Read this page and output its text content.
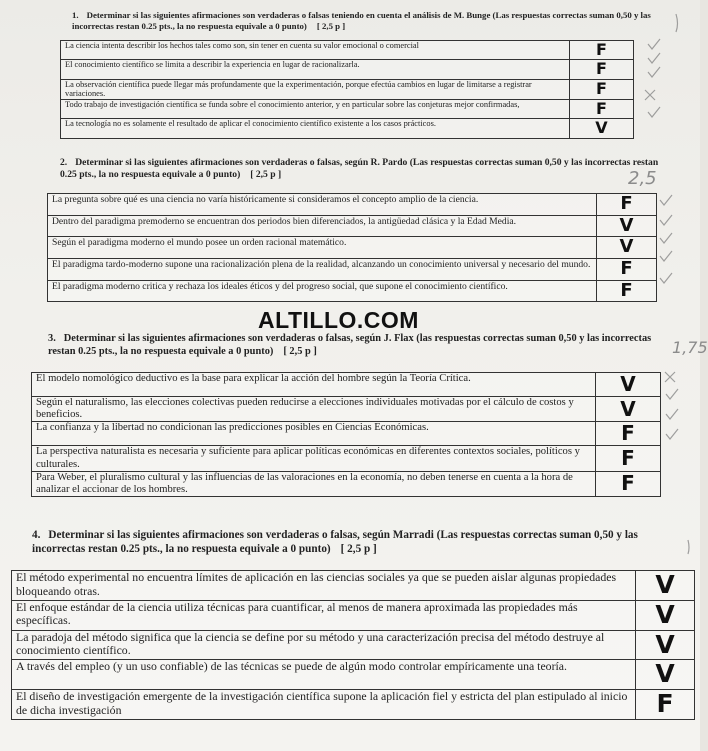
1. Determinar si las siguientes afirmaciones son verdaderas o falsas teniendo en cuenta el análisis de M. Bunge (Las respuestas correctas suman 0,50 y las incorrectas restan 0.25 pts., la no respuesta equivale a 0 punto) [ 2,5 p ]
La ciencia intenta describir los hechos tales como son, sin tener en cuenta su valor emocional o comercial	F
El conocimiento científico se limita a describir la experiencia en lugar de racionalizarla.	F
La observación científica puede llegar más profundamente que la experimentación, porque efectúa cambios en lugar de limitarse a registrar variaciones.	F
Todo trabajo de investigación científica se funda sobre el conocimiento anterior, y en particular sobre las conjeturas mejor confirmadas,	F
La tecnología no es solamente el resultado de aplicar el conocimiento científico existente a los casos prácticos.	V
2. Determinar si las siguientes afirmaciones son verdaderas o falsas, según R. Pardo (Las respuestas correctas suman 0,50 y las incorrectas restan 0.25 pts., la no respuesta equivale a 0 punto) [ 2,5 p ]
La pregunta sobre qué es una ciencia no varía históricamente si consideramos el concepto amplio de la ciencia.	F
Dentro del paradigma premoderno se encuentran dos periodos bien diferenciados, la antigüedad clásica y la Edad Media.	V
Según el paradigma moderno el mundo posee un orden racional matemático.	V
El paradigma tardo-moderno supone una racionalización plena de la realidad, alcanzando un conocimiento universal y necesario del mundo.	F
El paradigma moderno critica y rechaza los ideales éticos y del progreso social, que supone el conocimiento científico.	F
ALTILLO.COM
3. Determinar si las siguientes afirmaciones son verdaderas o falsas, según J. Flax (las respuestas correctas suman 0,50 y las incorrectas restan 0.25 pts., la no respuesta equivale a 0 punto) [ 2,5 p ]
El modelo nomológico deductivo es la base para explicar la acción del hombre según la Teoría Crítica.	V
Según el naturalismo, las elecciones colectivas pueden reducirse a elecciones individuales motivadas por el cálculo de costos y beneficios.	V
La confianza y la libertad no condicionan las predicciones posibles en Ciencias Económicas.	F
La perspectiva naturalista es necesaria y suficiente para aplicar políticas económicas en diferentes contextos sociales, políticos y culturales.	F
Para Weber, el pluralismo cultural y las influencias de las valoraciones en la economía, no deben tenerse en cuenta a la hora de analizar el accionar de los hombres.	F
4. Determinar si las siguientes afirmaciones son verdaderas o falsas, según Marradi (Las respuestas correctas suman 0,50 y las incorrectas restan 0.25 pts., la no respuesta equivale a 0 punto) [ 2,5 p ]
El método experimental no encuentra límites de aplicación en las ciencias sociales ya que se pueden aislar algunas propiedades bloqueando otras.	V
El enfoque estándar de la ciencia utiliza técnicas para cuantificar, al menos de manera aproximada las propiedades más específicas.	V
La paradoja del método significa que la ciencia se define por su método y una caracterización precisa del método destruye al conocimiento científico.	V
A través del empleo (y un uso confiable) de las técnicas se puede de algún modo controlar empíricamente una teoría.	V
El diseño de investigación emergente de la investigación científica supone la aplicación fiel y estricta del plan estipulado al inicio de dicha investigación	F
2,5
1,75
